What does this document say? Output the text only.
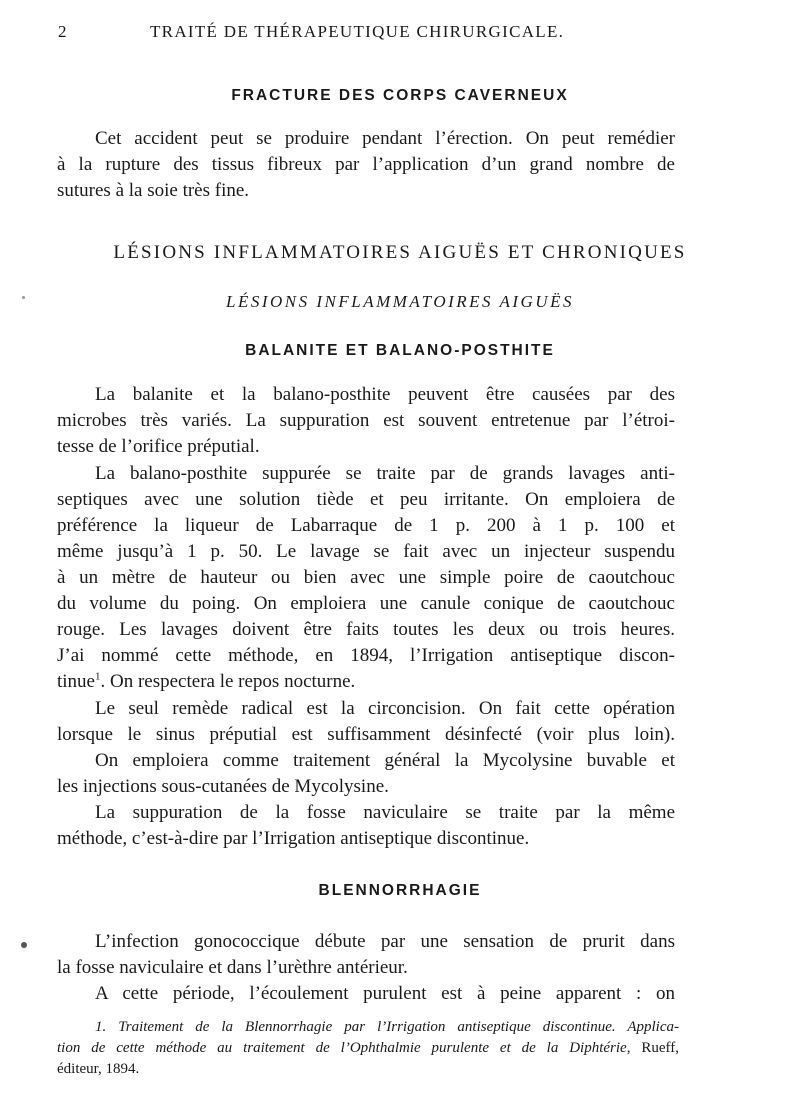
2	TRAITÉ DE THÉRAPEUTIQUE CHIRURGICALE.
FRACTURE DES CORPS CAVERNEUX
Cet accident peut se produire pendant l’érection. On peut remédier
à la rupture des tissus fibreux par l’application d’un grand nombre de
sutures à la soie très fine.
LÉSIONS INFLAMMATOIRES AIGUËS ET CHRONIQUES
LÉSIONS INFLAMMATOIRES AIGUËS
BALANITE ET BALANO-POSTHITE
La balanite et la balano-posthite peuvent être causées par des
microbes très variés. La suppuration est souvent entretenue par l’étroi-
tesse de l’orifice préputial.
La balano-posthite suppurée se traite par de grands lavages anti-
septiques avec une solution tiède et peu irritante. On emploiera de
préférence la liqueur de Labarraque de 1 p. 200 à 1 p. 100 et
même jusqu’à 1 p. 50. Le lavage se fait avec un injecteur suspendu
à un mètre de hauteur ou bien avec une simple poire de caoutchouc
du volume du poing. On emploiera une canule conique de caoutchouc
rouge. Les lavages doivent être faits toutes les deux ou trois heures.
J’ai nommé cette méthode, en 1894, l’Irrigation antiseptique discon-
tinue$^1$. On respectera le repos nocturne.
Le seul remède radical est la circoncision. On fait cette opération
lorsque le sinus préputial est suffisamment désinfecté (voir plus loin).
On emploiera comme traitement général la Mycolysine buvable et
les injections sous-cutanées de Mycolysine.
La suppuration de la fosse naviculaire se traite par la même
méthode, c’est-à-dire par l’Irrigation antiseptique discontinue.
BLENNORRHAGIE
L’infection gonococcique débute par une sensation de prurit dans
la fosse naviculaire et dans l’urèthre antérieur.
A cette période, l’écoulement purulent est à peine apparent : on
1. Traitement de la Blennorrhagie par l’Irrigation antiseptique discontinue. Applica-
tion de cette méthode au traitement de l’Ophthalmie purulente et de la Diphtérie, Rueff,
éditeur, 1894.
